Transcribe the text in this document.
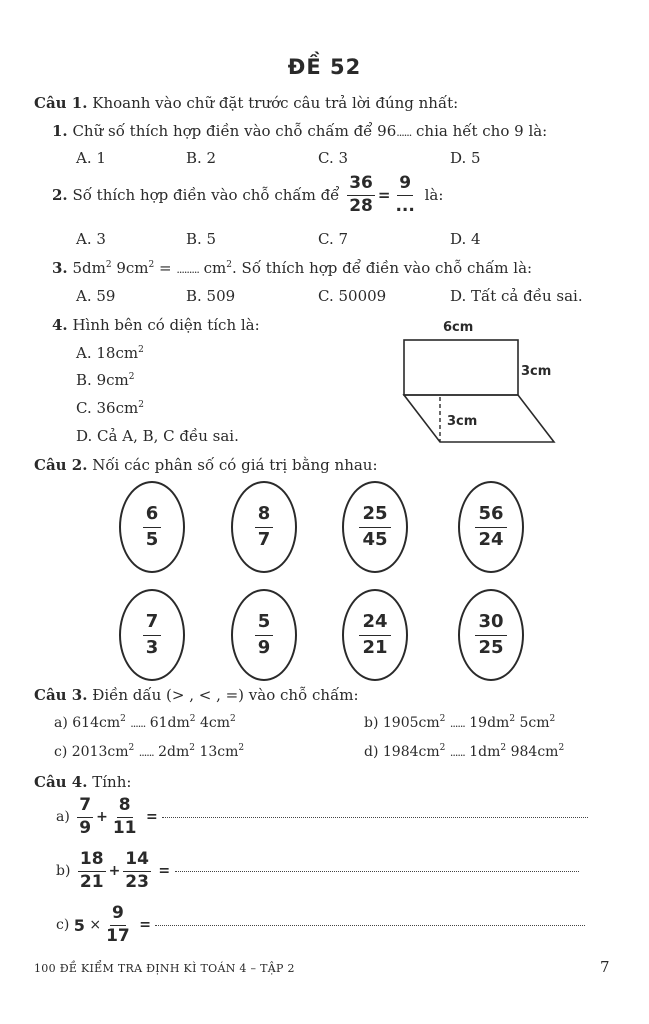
ĐỀ 52
Câu 1. Khoanh vào chữ đặt trước câu trả lời đúng nhất:
1. Chữ số thích hợp điền vào chỗ chấm để 96...... chia hết cho 9 là:
A. 1	B. 2	C. 3	D. 5
2.
Số thích hợp điền vào chỗ chấm để
$\frac{36}{28} = \frac{9}{...}$
là:
A. 3	B. 5	C. 7	D. 4
3. $5dm^2$ $9cm^2$ = ......... $cm^2$. Số thích hợp để điền vào chỗ chấm là:
A. 59	B. 509	C. 50009	D. Tất cả đều sai.
4. Hình bên có diện tích là:
A. $18cm^2$
B. $9cm^2$
C. $36cm^2$
D. Cả A, B, C đều sai.
6cm
3cm
3cm
Câu 2. Nối các phân số có giá trị bằng nhau:
$\frac{6}{5}$	$\frac{8}{7}$	$\frac{25}{45}$	$\frac{56}{24}$
$\frac{7}{3}$	$\frac{5}{9}$	$\frac{24}{21}$	$\frac{30}{25}$
Câu 3. Điền dấu (> , < , =) vào chỗ chấm:
a) $614cm^2$ ...... $61dm^2$ $4cm^2$	b) $1905cm^2$ ...... $19dm^2$ $5cm^2$
c) $2013cm^2$ ...... $2dm^2$ $13cm^2$	d) $1984cm^2$ ...... $1dm^2$ $984cm^2$
Câu 4. Tính:
a)
$\frac{7}{9} + \frac{8}{11}$
=

b)
$\frac{18}{21} + \frac{14}{23}$
=

c)
5
× $\frac{9}{17}$
=

100 ĐỀ KIỂM TRA ĐỊNH KÌ TOÁN 4 – TẬP 2	7
